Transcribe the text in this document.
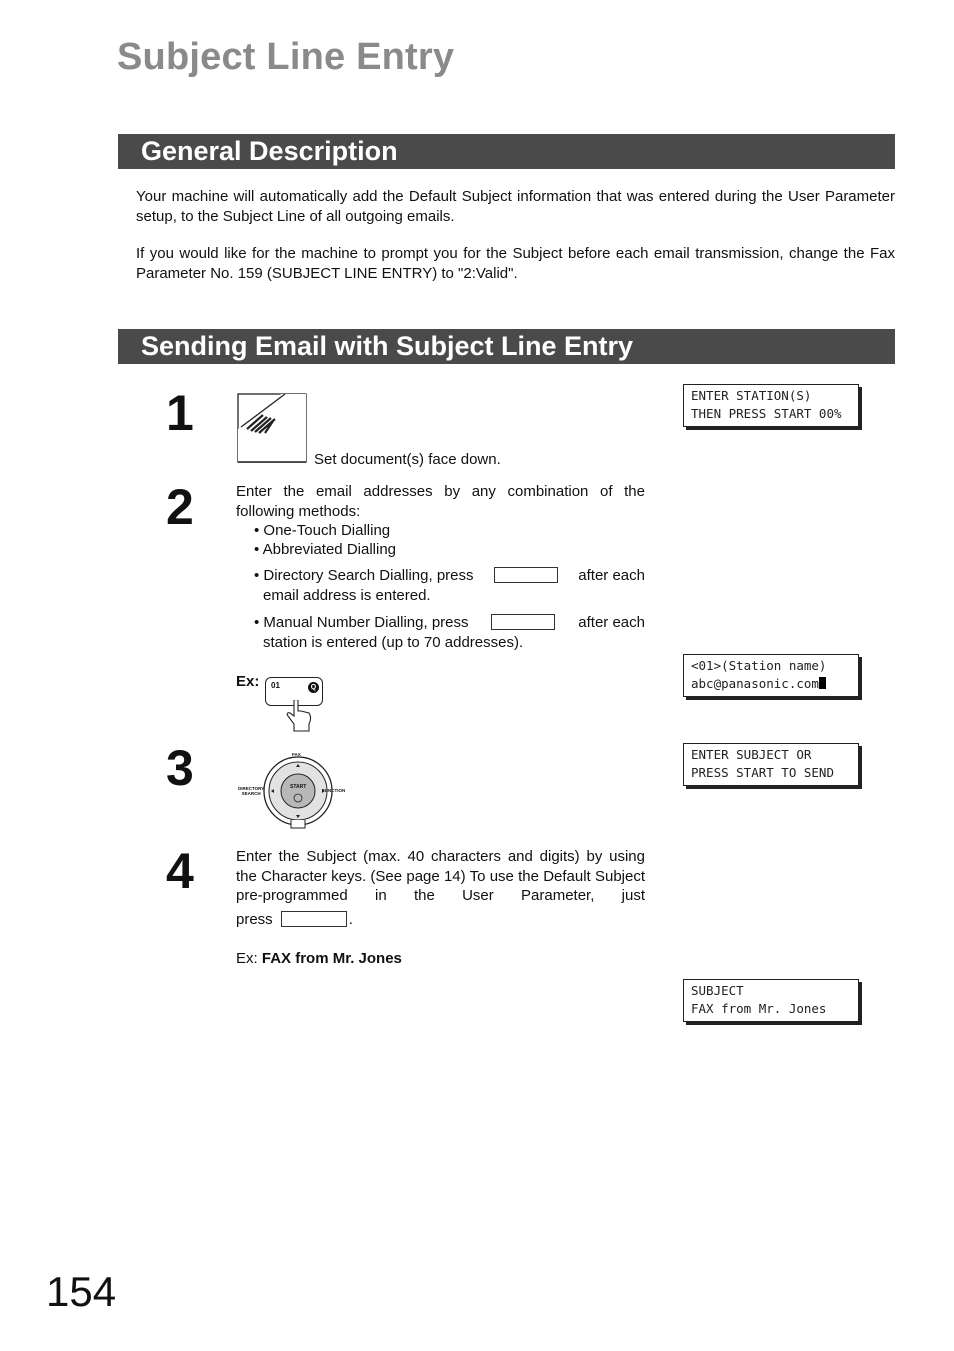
Subject Line Entry
General Description
Your machine will automatically add the Default Subject information that was entered during the User Parameter setup, to the Subject Line of all outgoing emails.
If you would like for the machine to prompt you for the Subject before each email transmission, change the Fax Parameter No. 159 (SUBJECT LINE ENTRY) to "2:Valid".
Sending Email with Subject Line Entry
1
Set document(s) face down.
ENTER STATION(S)
THEN PRESS START 00%
2	Enter the email addresses by any combination of the following methods:
• One-Touch Dialling
• Abbreviated Dialling
• Directory Search Dialling, press	after each
email address is entered.
• Manual Number Dialling, press	after each
station is entered (up to 70 addresses).
Ex: 01	Q
<01>(Station name)
abc@panasonic.com
3	DIRECTORY
SEARCH
FUNCTION
FAX
START
ENTER SUBJECT OR
PRESS START TO SEND
4	Enter the Subject (max. 40 characters and digits) by using the Character keys. (See page 14) To use the Default Subject pre-programmed in the User Parameter, just
press	.
Ex: FAX from Mr. Jones
SUBJECT
FAX from Mr. Jones
154
